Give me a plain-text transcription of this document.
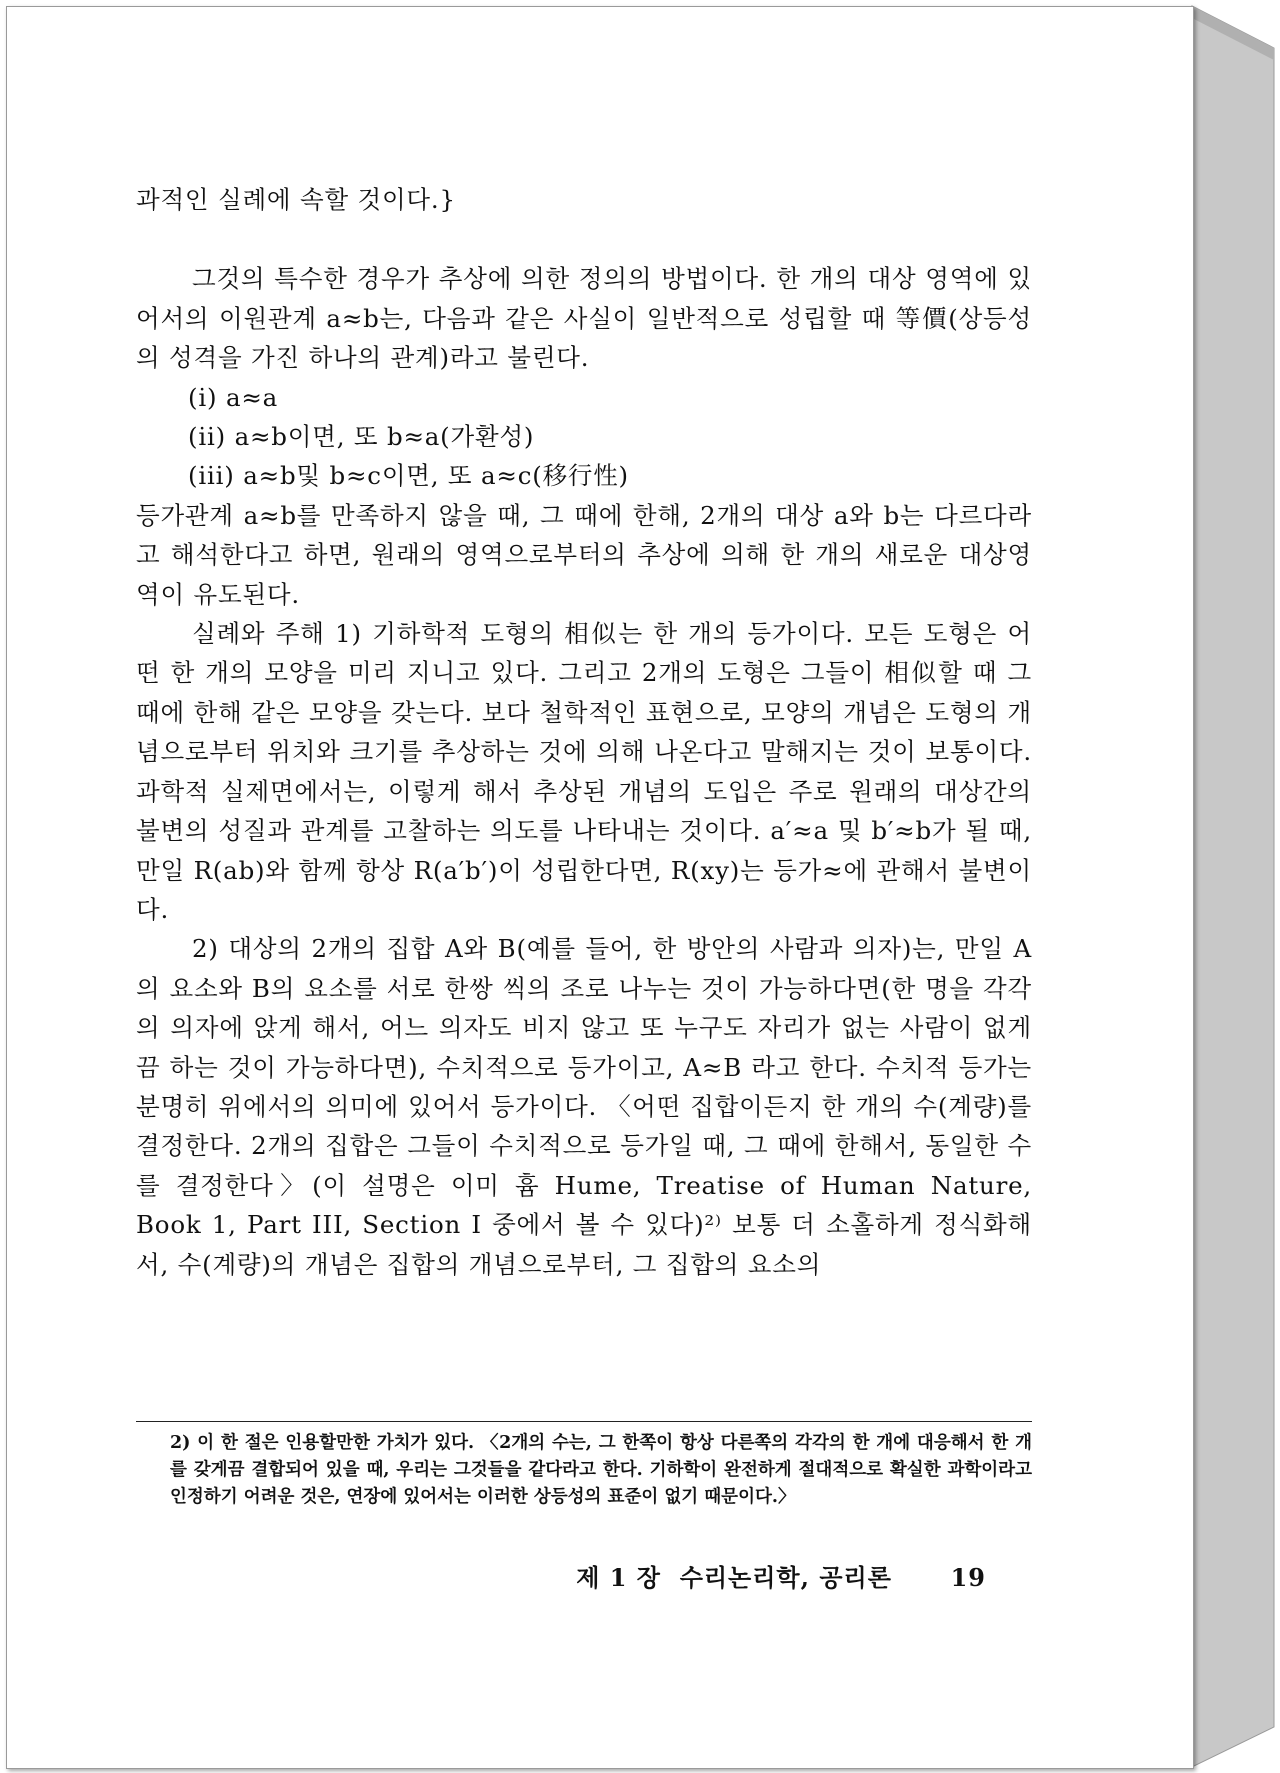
과적인 실례에 속할 것이다.}

그것의 특수한 경우가 추상에 의한 정의의 방법이다. 한 개의 대상 영역에 있어서의 이원관계 a≈b는, 다음과 같은 사실이 일반적으로 성립할 때 等價(상등성의 성격을 가진 하나의 관계)라고 불린다.

(i) a≈a

(ii) a≈b이면, 또 b≈a(가환성)

(iii) a≈b및 b≈c이면, 또 a≈c(移行性)

등가관계 a≈b를 만족하지 않을 때, 그 때에 한해, 2개의 대상 a와 b는 다르다라고 해석한다고 하면, 원래의 영역으로부터의 추상에 의해 한 개의 새로운 대상영역이 유도된다.

실례와 주해 1) 기하학적 도형의 相似는 한 개의 등가이다. 모든 도형은 어떤 한 개의 모양을 미리 지니고 있다. 그리고 2개의 도형은 그들이 相似할 때 그때에 한해 같은 모양을 갖는다. 보다 철학적인 표현으로, 모양의 개념은 도형의 개념으로부터 위치와 크기를 추상하는 것에 의해 나온다고 말해지는 것이 보통이다. 과학적 실제면에서는, 이렇게 해서 추상된 개념의 도입은 주로 원래의 대상간의 불변의 성질과 관계를 고찰하는 의도를 나타내는 것이다. a′≈a 및 b′≈b가 될 때, 만일 R(ab)와 함께 항상 R(a′b′)이 성립한다면, R(xy)는 등가≈에 관해서 불변이다.

2) 대상의 2개의 집합 A와 B(예를 들어, 한 방안의 사람과 의자)는, 만일 A의 요소와 B의 요소를 서로 한쌍 씩의 조로 나누는 것이 가능하다면(한 명을 각각의 의자에 앉게 해서, 어느 의자도 비지 않고 또 누구도 자리가 없는 사람이 없게끔 하는 것이 가능하다면), 수치적으로 등가이고, A≈B 라고 한다. 수치적 등가는 분명히 위에서의 의미에 있어서 등가이다. 〈어떤 집합이든지 한 개의 수(계량)를 결정한다. 2개의 집합은 그들이 수치적으로 등가일 때, 그 때에 한해서, 동일한 수를 결정한다〉(이 설명은 이미 흄 Hume, Treatise of Human Nature, Book 1, Part III, Section I 중에서 볼 수 있다)²⁾ 보통 더 소홀하게 정식화해서, 수(계량)의 개념은 집합의 개념으로부터, 그 집합의 요소의

2) 이 한 절은 인용할만한 가치가 있다. 〈2개의 수는, 그 한쪽이 항상 다른쪽의 각각의 한 개에 대응해서 한 개를 갖게끔 결합되어 있을 때, 우리는 그것들을 같다라고 한다. 기하학이 완전하게 절대적으로 확실한 과학이라고 인정하기 어려운 것은, 연장에 있어서는 이러한 상등성의 표준이 없기 때문이다.〉

제 1 장  수리논리학, 공리론 19
